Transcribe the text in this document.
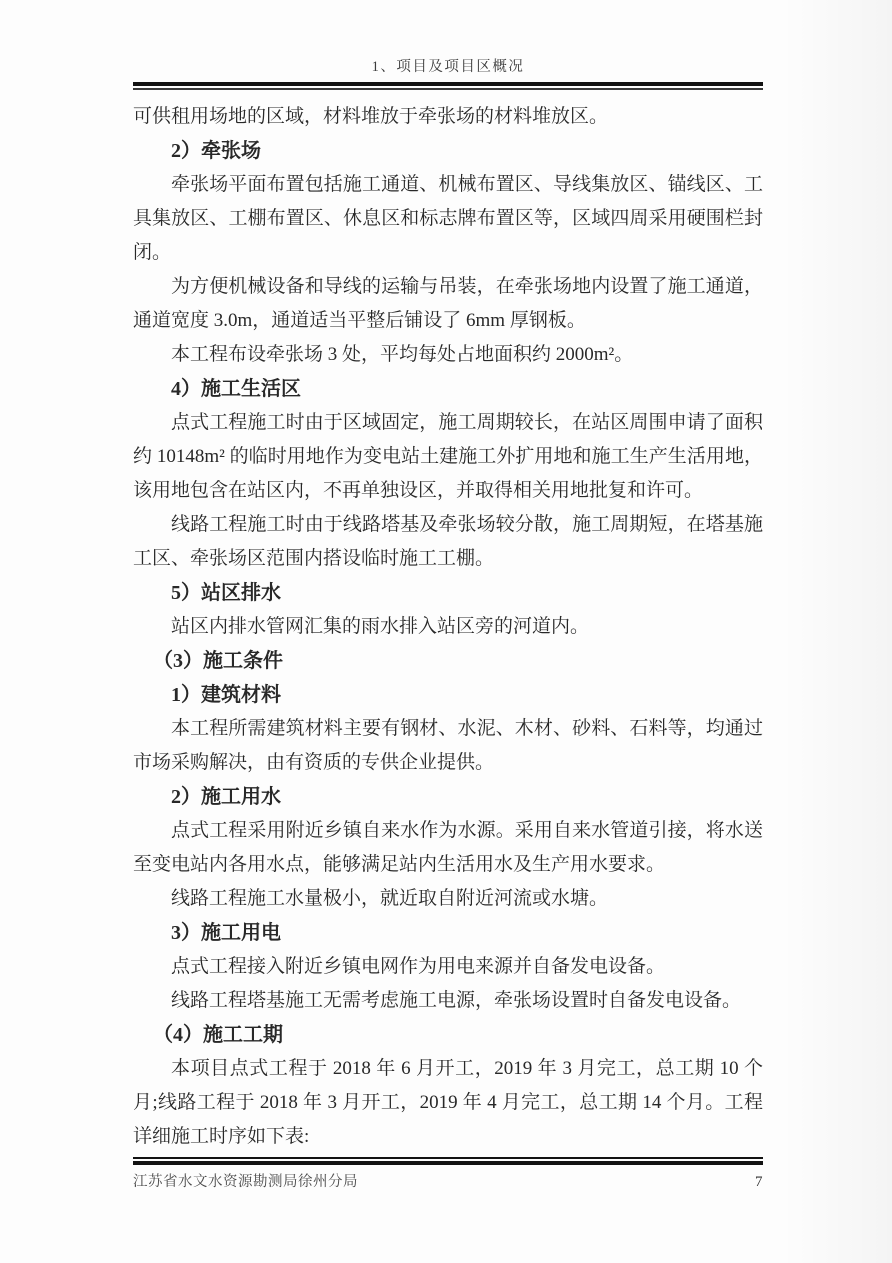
1、项目及项目区概况

可供租用场地的区域，材料堆放于牵张场的材料堆放区。

2）牵张场

牵张场平面布置包括施工通道、机械布置区、导线集放区、锚线区、工具集放区、工棚布置区、休息区和标志牌布置区等，区域四周采用硬围栏封闭。

为方便机械设备和导线的运输与吊装，在牵张场地内设置了施工通道，通道宽度 3.0m，通道适当平整后铺设了 6mm 厚钢板。

本工程布设牵张场 3 处，平均每处占地面积约 2000m²。

4）施工生活区

点式工程施工时由于区域固定，施工周期较长，在站区周围申请了面积约 10148m² 的临时用地作为变电站土建施工外扩用地和施工生产生活用地，该用地包含在站区内，不再单独设区，并取得相关用地批复和许可。

线路工程施工时由于线路塔基及牵张场较分散，施工周期短，在塔基施工区、牵张场区范围内搭设临时施工工棚。

5）站区排水

站区内排水管网汇集的雨水排入站区旁的河道内。

（3）施工条件

1）建筑材料

本工程所需建筑材料主要有钢材、水泥、木材、砂料、石料等，均通过市场采购解决，由有资质的专供企业提供。

2）施工用水

点式工程采用附近乡镇自来水作为水源。采用自来水管道引接，将水送至变电站内各用水点，能够满足站内生活用水及生产用水要求。

线路工程施工水量极小，就近取自附近河流或水塘。

3）施工用电

点式工程接入附近乡镇电网作为用电来源并自备发电设备。

线路工程塔基施工无需考虑施工电源，牵张场设置时自备发电设备。

（4）施工工期

本项目点式工程于 2018 年 6 月开工，2019 年 3 月完工，总工期 10 个月;线路工程于 2018 年 3 月开工，2019 年 4 月完工，总工期 14 个月。工程详细施工时序如下表:

江苏省水文水资源勘测局徐州分局	7
